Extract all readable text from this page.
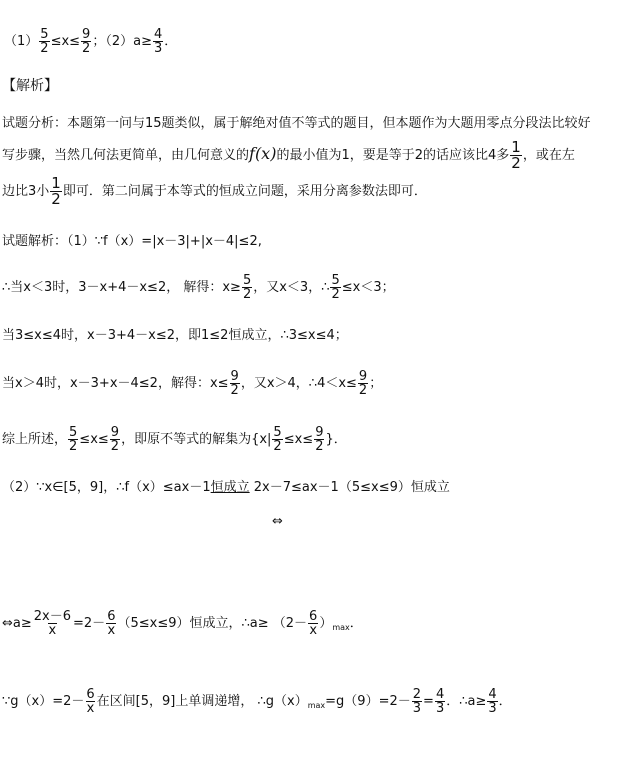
$(1) \frac{5}{2} \le x\le \frac{9}{2}$ ；$(2)a\ge \frac{4}{3}$ ．
【解析】
试题分析：本题第一问与15题类似，属于解绝对值不等式的题目，但本题作为大题用零点分段法比较好
写步骤，当然几何法更简单，由几何意义的f(x)的最小值为1，要是等于2的话应该比4多 $\frac{1}{2}$ ，或在左
边比3小 $\frac{1}{2}$ 即可．第二问属于本等式的恒成立问题，采用分离参数法即可．
试题解析：（1）∵f（x）=|x－3|+|x－4|≤2,
∴当x＜3时，3－x+4－x≤2， 解得：$x\ge \frac{5}{2}$ ，又x＜3，∴ $\frac{5}{2} \le x<3$；
当3≤x≤4时，x－3+4－x≤2，即1≤2恒成立，∴3≤x≤4；
当x＞4时，x－3+x－4≤2，解得：$x\le \frac{9}{2}$ ，又x＞4，∴4＜x≤ $\frac{9}{2}$ ；
综上所述， $\frac{5}{2} \le x\le \frac{9}{2}$ ，即原不等式的解集为{$x| \frac{5}{2} \le x\le \frac{9}{2}$ }．
（2）∵x∈[5，9]，∴f（x）≤ax－1恒成立 2x－7≤ax－1（5≤x≤9）恒成立
⇔
⇔a≥ $\frac{2x-6}{x} =2- \frac{6}{x} (5\le x\le 9)$恒成立，∴a≥ $(2- \frac{6}{x} )_{max}$．
∵g（x）=2－ $\frac{6}{x}$ 在区间[5，9]上单调递增， $\therefore g(x)_{max}=g(9)=2- \frac{2}{3} = \frac{4}{3}$ ．∴a≥ $\frac{4}{3}$ ．
